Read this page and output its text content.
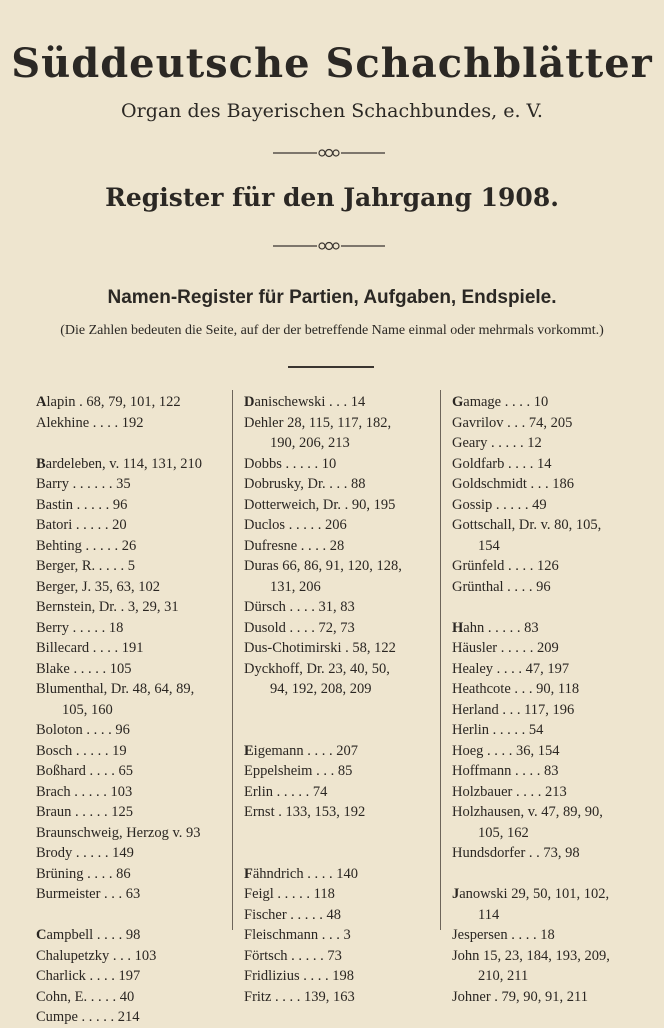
Süddeutsche Schachblätter
Organ des Bayerischen Schachbundes, e. V.
Register für den Jahrgang 1908.
Namen-Register für Partien, Aufgaben, Endspiele.
(Die Zahlen bedeuten die Seite, auf der der betreffende Name einmal oder mehrmals vorkommt.)
Alapin . 68, 79, 101, 122
Alekhine . . . . 192
Bardeleben, v. 114, 131, 210
Barry . . . . . . 35
Bastin . . . . . 96
Batori . . . . . 20
Behting . . . . . 26
Berger, R. . . . . 5
Berger, J. 35, 63, 102
Bernstein, Dr. . 3, 29, 31
Berry . . . . . 18
Billecard . . . . 191
Blake . . . . . 105
Blumenthal, Dr. 48, 64, 89,
105, 160
Boloton . . . . 96
Bosch . . . . . 19
Boßhard . . . . 65
Brach . . . . . 103
Braun . . . . . 125
Braunschweig, Herzog v. 93
Brody . . . . . 149
Brüning . . . . 86
Burmeister . . . 63
Campbell . . . . 98
Chalupetzky . . . 103
Charlick . . . . 197
Cohn, E. . . . . 40
Cumpe . . . . . 214
Danischewski . . . 14
Dehler 28, 115, 117, 182,
190, 206, 213
Dobbs . . . . . 10
Dobrusky, Dr. . . . 88
Dotterweich, Dr. . 90, 195
Duclos . . . . . 206
Dufresne . . . . 28
Duras 66, 86, 91, 120, 128,
131, 206
Dürsch . . . . 31, 83
Dusold . . . . 72, 73
Dus-Chotimirski . 58, 122
Dyckhoff, Dr. 23, 40, 50,
94, 192, 208, 209
Eigemann . . . . 207
Eppelsheim . . . 85
Erlin . . . . . 74
Ernst . 133, 153, 192
Fähndrich . . . . 140
Feigl . . . . . 118
Fischer . . . . . 48
Fleischmann . . . 3
Förtsch . . . . . 73
Fridlizius . . . . 198
Fritz . . . . 139, 163
Gamage . . . . 10
Gavrilov . . . 74, 205
Geary . . . . . 12
Goldfarb . . . . 14
Goldschmidt . . . 186
Gossip . . . . . 49
Gottschall, Dr. v. 80, 105,
154
Grünfeld . . . . 126
Grünthal . . . . 96
Hahn . . . . . 83
Häusler . . . . . 209
Healey . . . . 47, 197
Heathcote . . . 90, 118
Herland . . . 117, 196
Herlin . . . . . 54
Hoeg . . . . 36, 154
Hoffmann . . . . 83
Holzbauer . . . . 213
Holzhausen, v. 47, 89, 90,
105, 162
Hundsdorfer . . 73, 98
Janowski 29, 50, 101, 102,
114
Jespersen . . . . 18
John 15, 23, 184, 193, 209,
210, 211
Johner . 79, 90, 91, 211
